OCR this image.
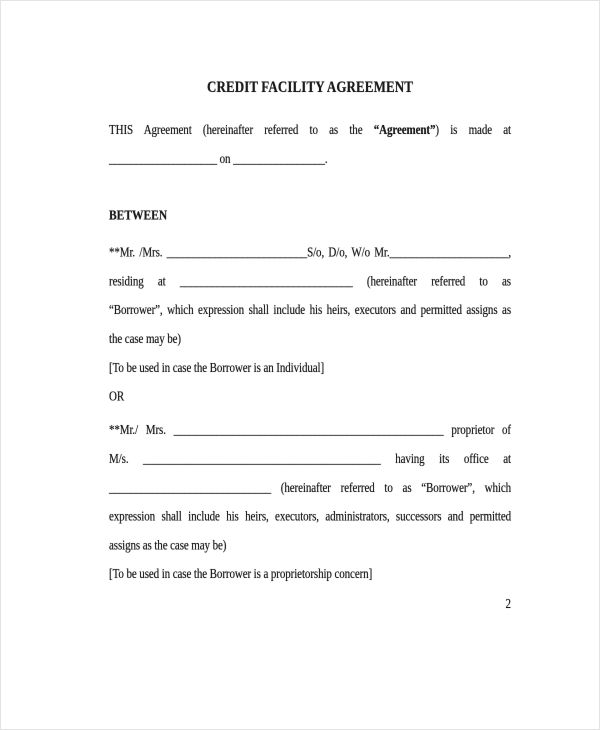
CREDIT FACILITY AGREEMENT

THIS Agreement (hereinafter referred to as the “Agreement”) is made at

____________________ on _________________.

BETWEEN

**Mr. /Mrs. __________________________S/o, D/o, W/o Mr.______________________,

residing at ________________________________ (hereinafter referred to as

“Borrower”, which expression shall include his heirs, executors and permitted assigns as

the case may be)

[To be used in case the Borrower is an Individual]

OR

**Mr./ Mrs. __________________________________________________ proprietor of

M/s. ____________________________________________ having its office at

______________________________ (hereinafter referred to as “Borrower”, which

expression shall include his heirs, executors, administrators, successors and permitted

assigns as the case may be)

[To be used in case the Borrower is a proprietorship concern]

2
